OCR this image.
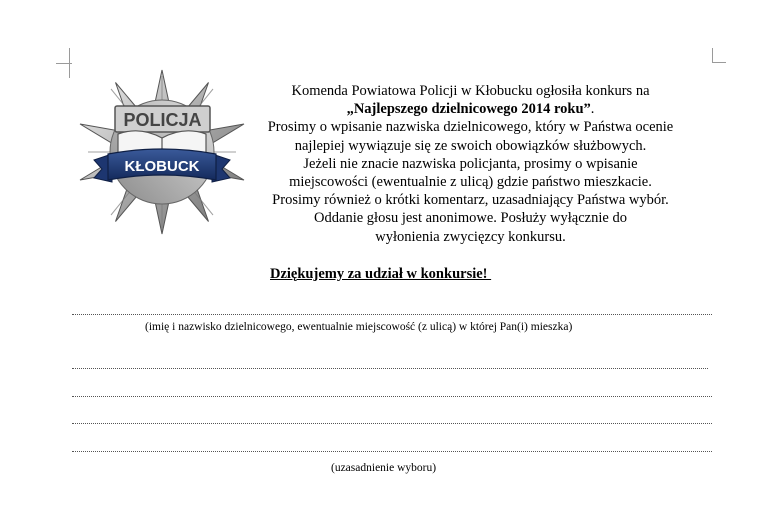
POLICJA
KŁOBUCK

Komenda Powiatowa Policji w Kłobucku ogłosiła konkurs na

„Najlepszego dzielnicowego 2014 roku”.

Prosimy o wpisanie nazwiska dzielnicowego, który w Państwa ocenie

najlepiej wywiązuje się ze swoich obowiązków służbowych.

Jeżeli nie znacie nazwiska policjanta, prosimy o wpisanie

miejscowości (ewentualnie z ulicą) gdzie państwo mieszkacie.

Prosimy również o krótki komentarz, uzasadniający Państwa wybór.

Oddanie głosu jest anonimowe. Posłuży wyłącznie do

wyłonienia zwycięzcy konkursu.

Dziękujemy za udział w konkursie!
(imię i nazwisko dzielnicowego, ewentualnie miejscowość (z ulicą) w której Pan(i) mieszka)
(uzasadnienie wyboru)
